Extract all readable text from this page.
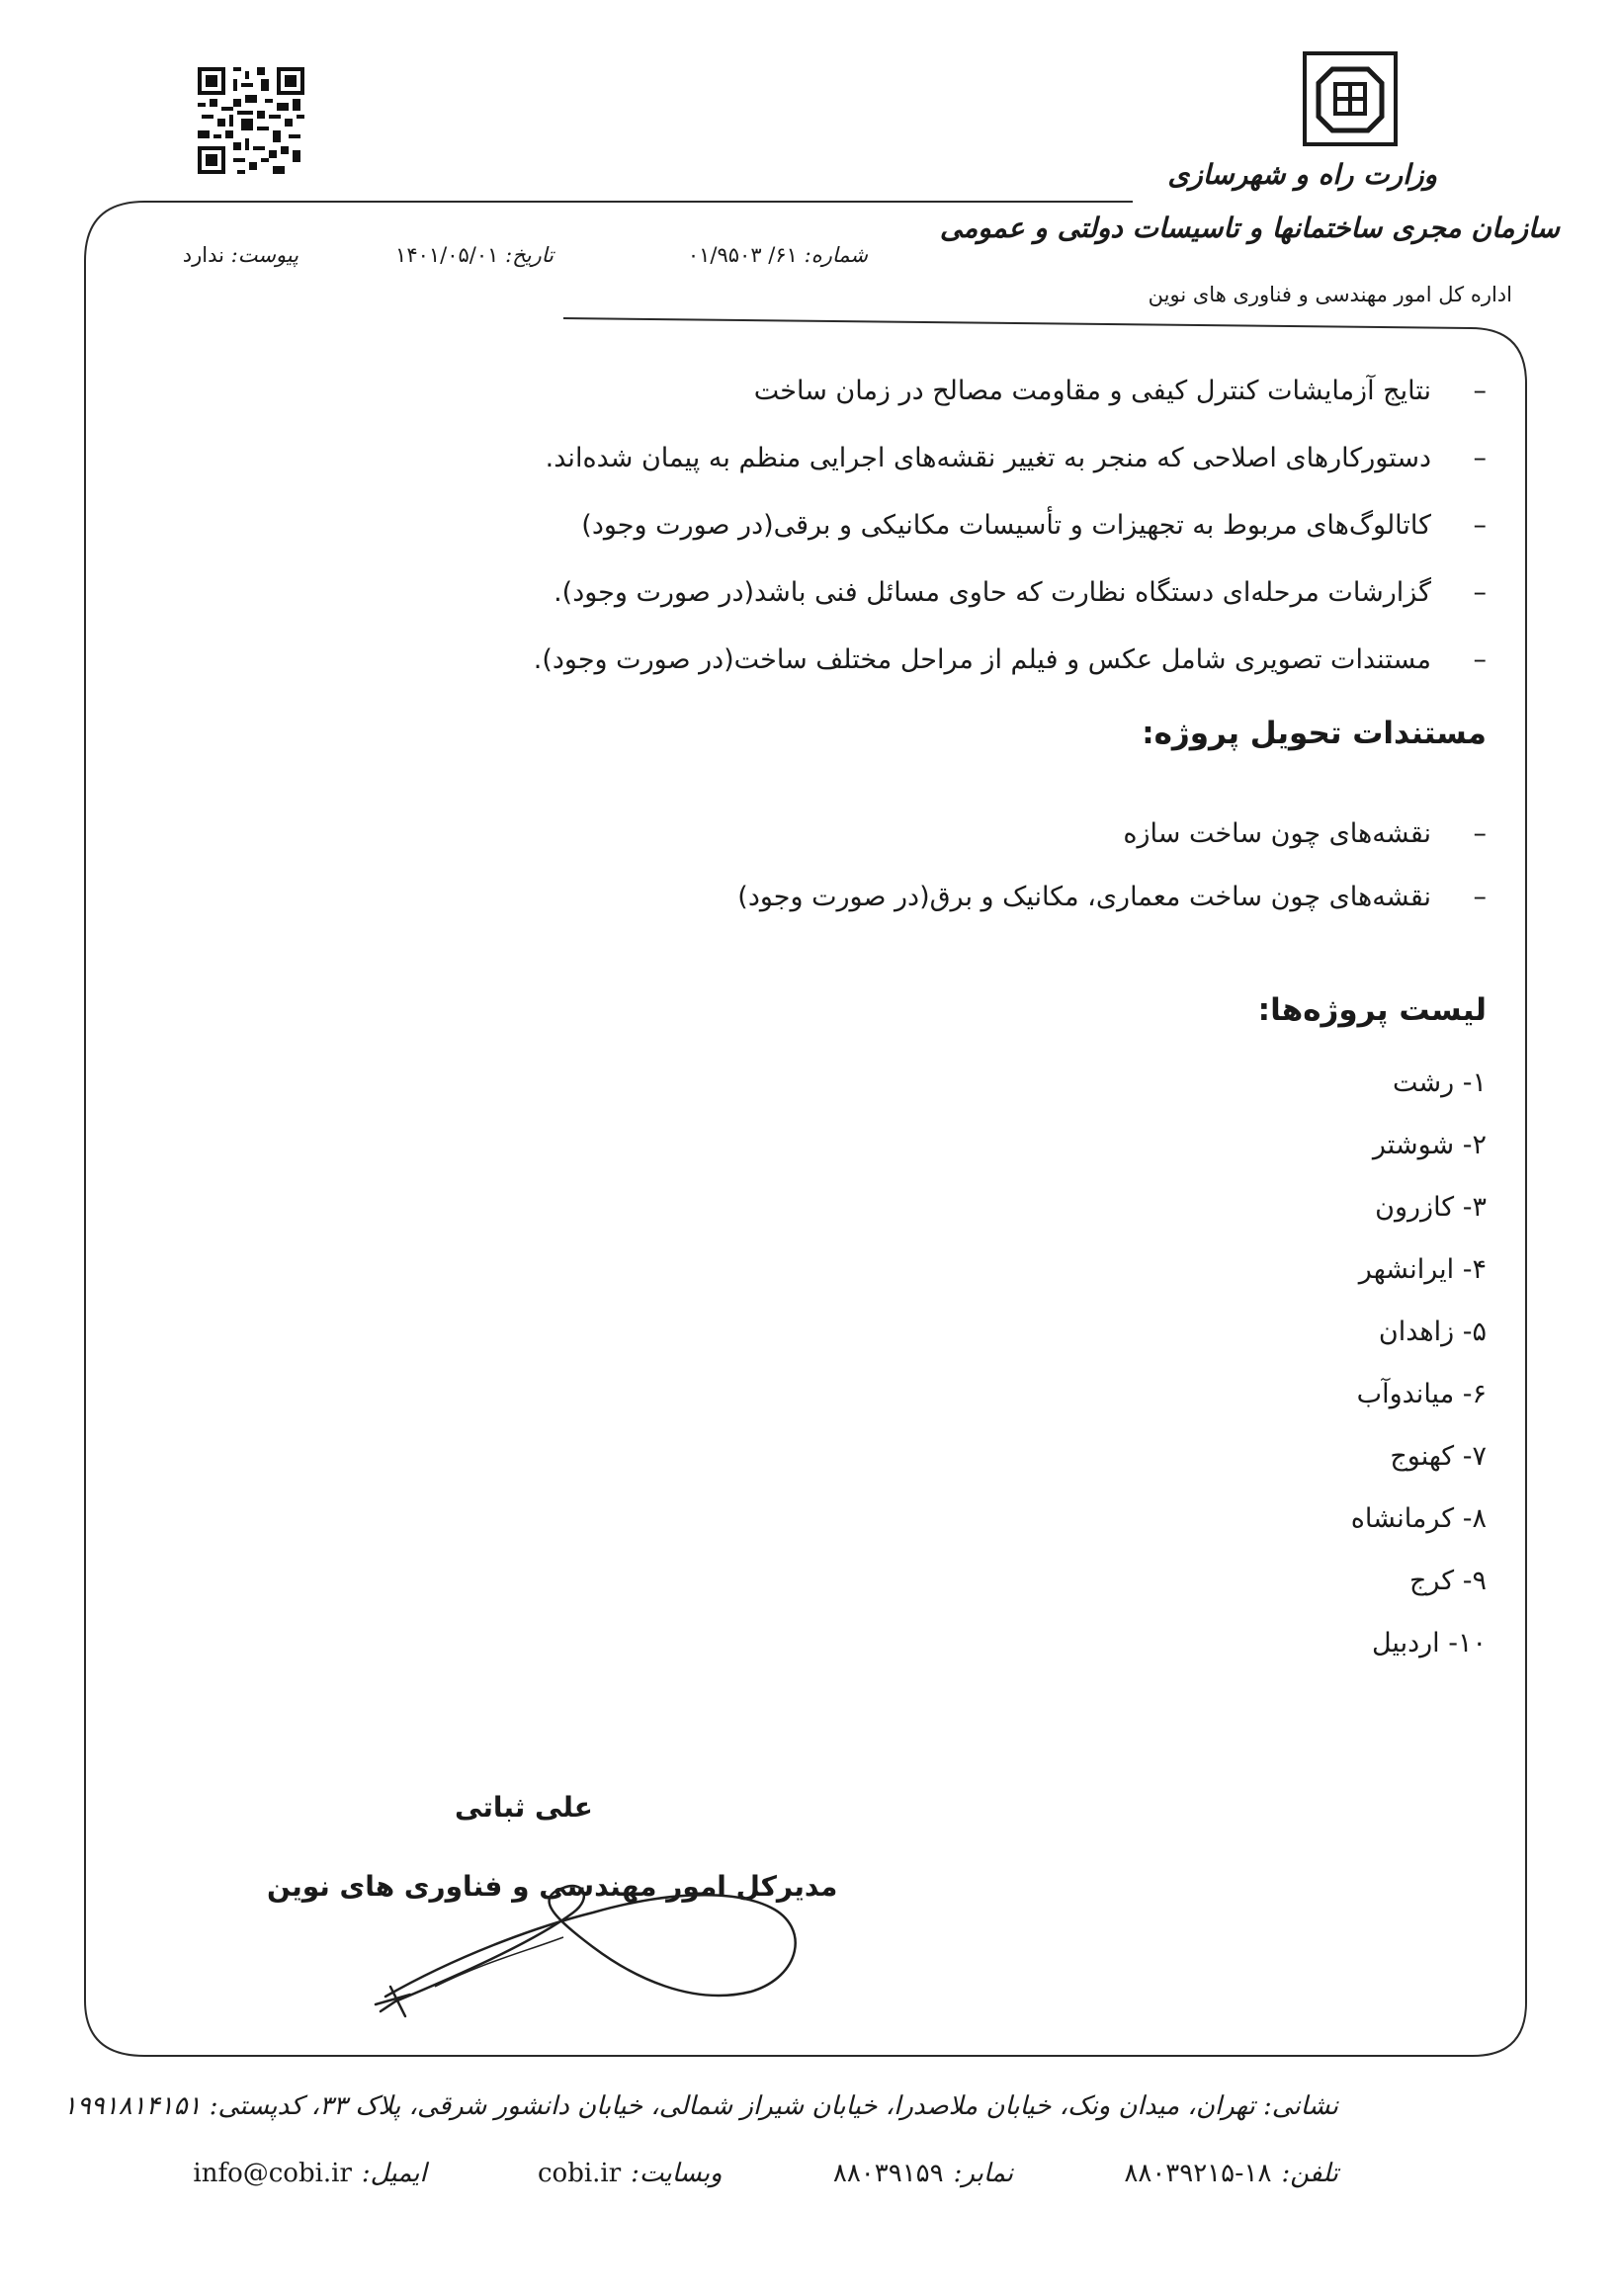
وزارت راه و شهرسازی
سازمان مجری ساختمانها و تاسیسات دولتی و عمومی
اداره کل امور مهندسی و فناوری های نوین
شماره: ۶۱/ ۰۱/۹۵۰۳
تاریخ: ۱۴۰۱/۰۵/۰۱
پیوست: ندارد
– نتایج آزمایشات کنترل کیفی و مقاومت مصالح در زمان ساخت
– دستورکارهای اصلاحی که منجر به تغییر نقشه‌های اجرایی منظم به پیمان شده‌اند.
– کاتالوگ‌های مربوط به تجهیزات و تأسیسات مکانیکی و برقی(در صورت وجود)
– گزارشات مرحله‌ای دستگاه نظارت که حاوی مسائل فنی باشد(در صورت وجود).
– مستندات تصویری شامل عکس و فیلم از مراحل مختلف ساخت(در صورت وجود).
مستندات تحویل پروژه:
– نقشه‌های چون ساخت سازه
– نقشه‌های چون ساخت معماری، مکانیک و برق(در صورت وجود)
لیست پروژه‌ها:
۱- رشت
۲- شوشتر
۳- کازرون
۴- ایرانشهر
۵- زاهدان
۶- میاندوآب
۷- کهنوج
۸- کرمانشاه
۹- کرج
۱۰- اردبیل
علی ثباتی
مدیرکل امور مهندسی و فناوری های نوین
نشانی: تهران، میدان ونک، خیابان ملاصدرا، خیابان شیراز شمالی، خیابان دانشور شرقی، پلاک ۳۳، کدپستی: ۱۹۹۱۸۱۴۱۵۱
تلفن:۱۸-۸۸۰۳۹۲۱۵ نمابر:۸۸۰۳۹۱۵۹ وبسایت:cobi.ir ایمیل:info@cobi.ir
